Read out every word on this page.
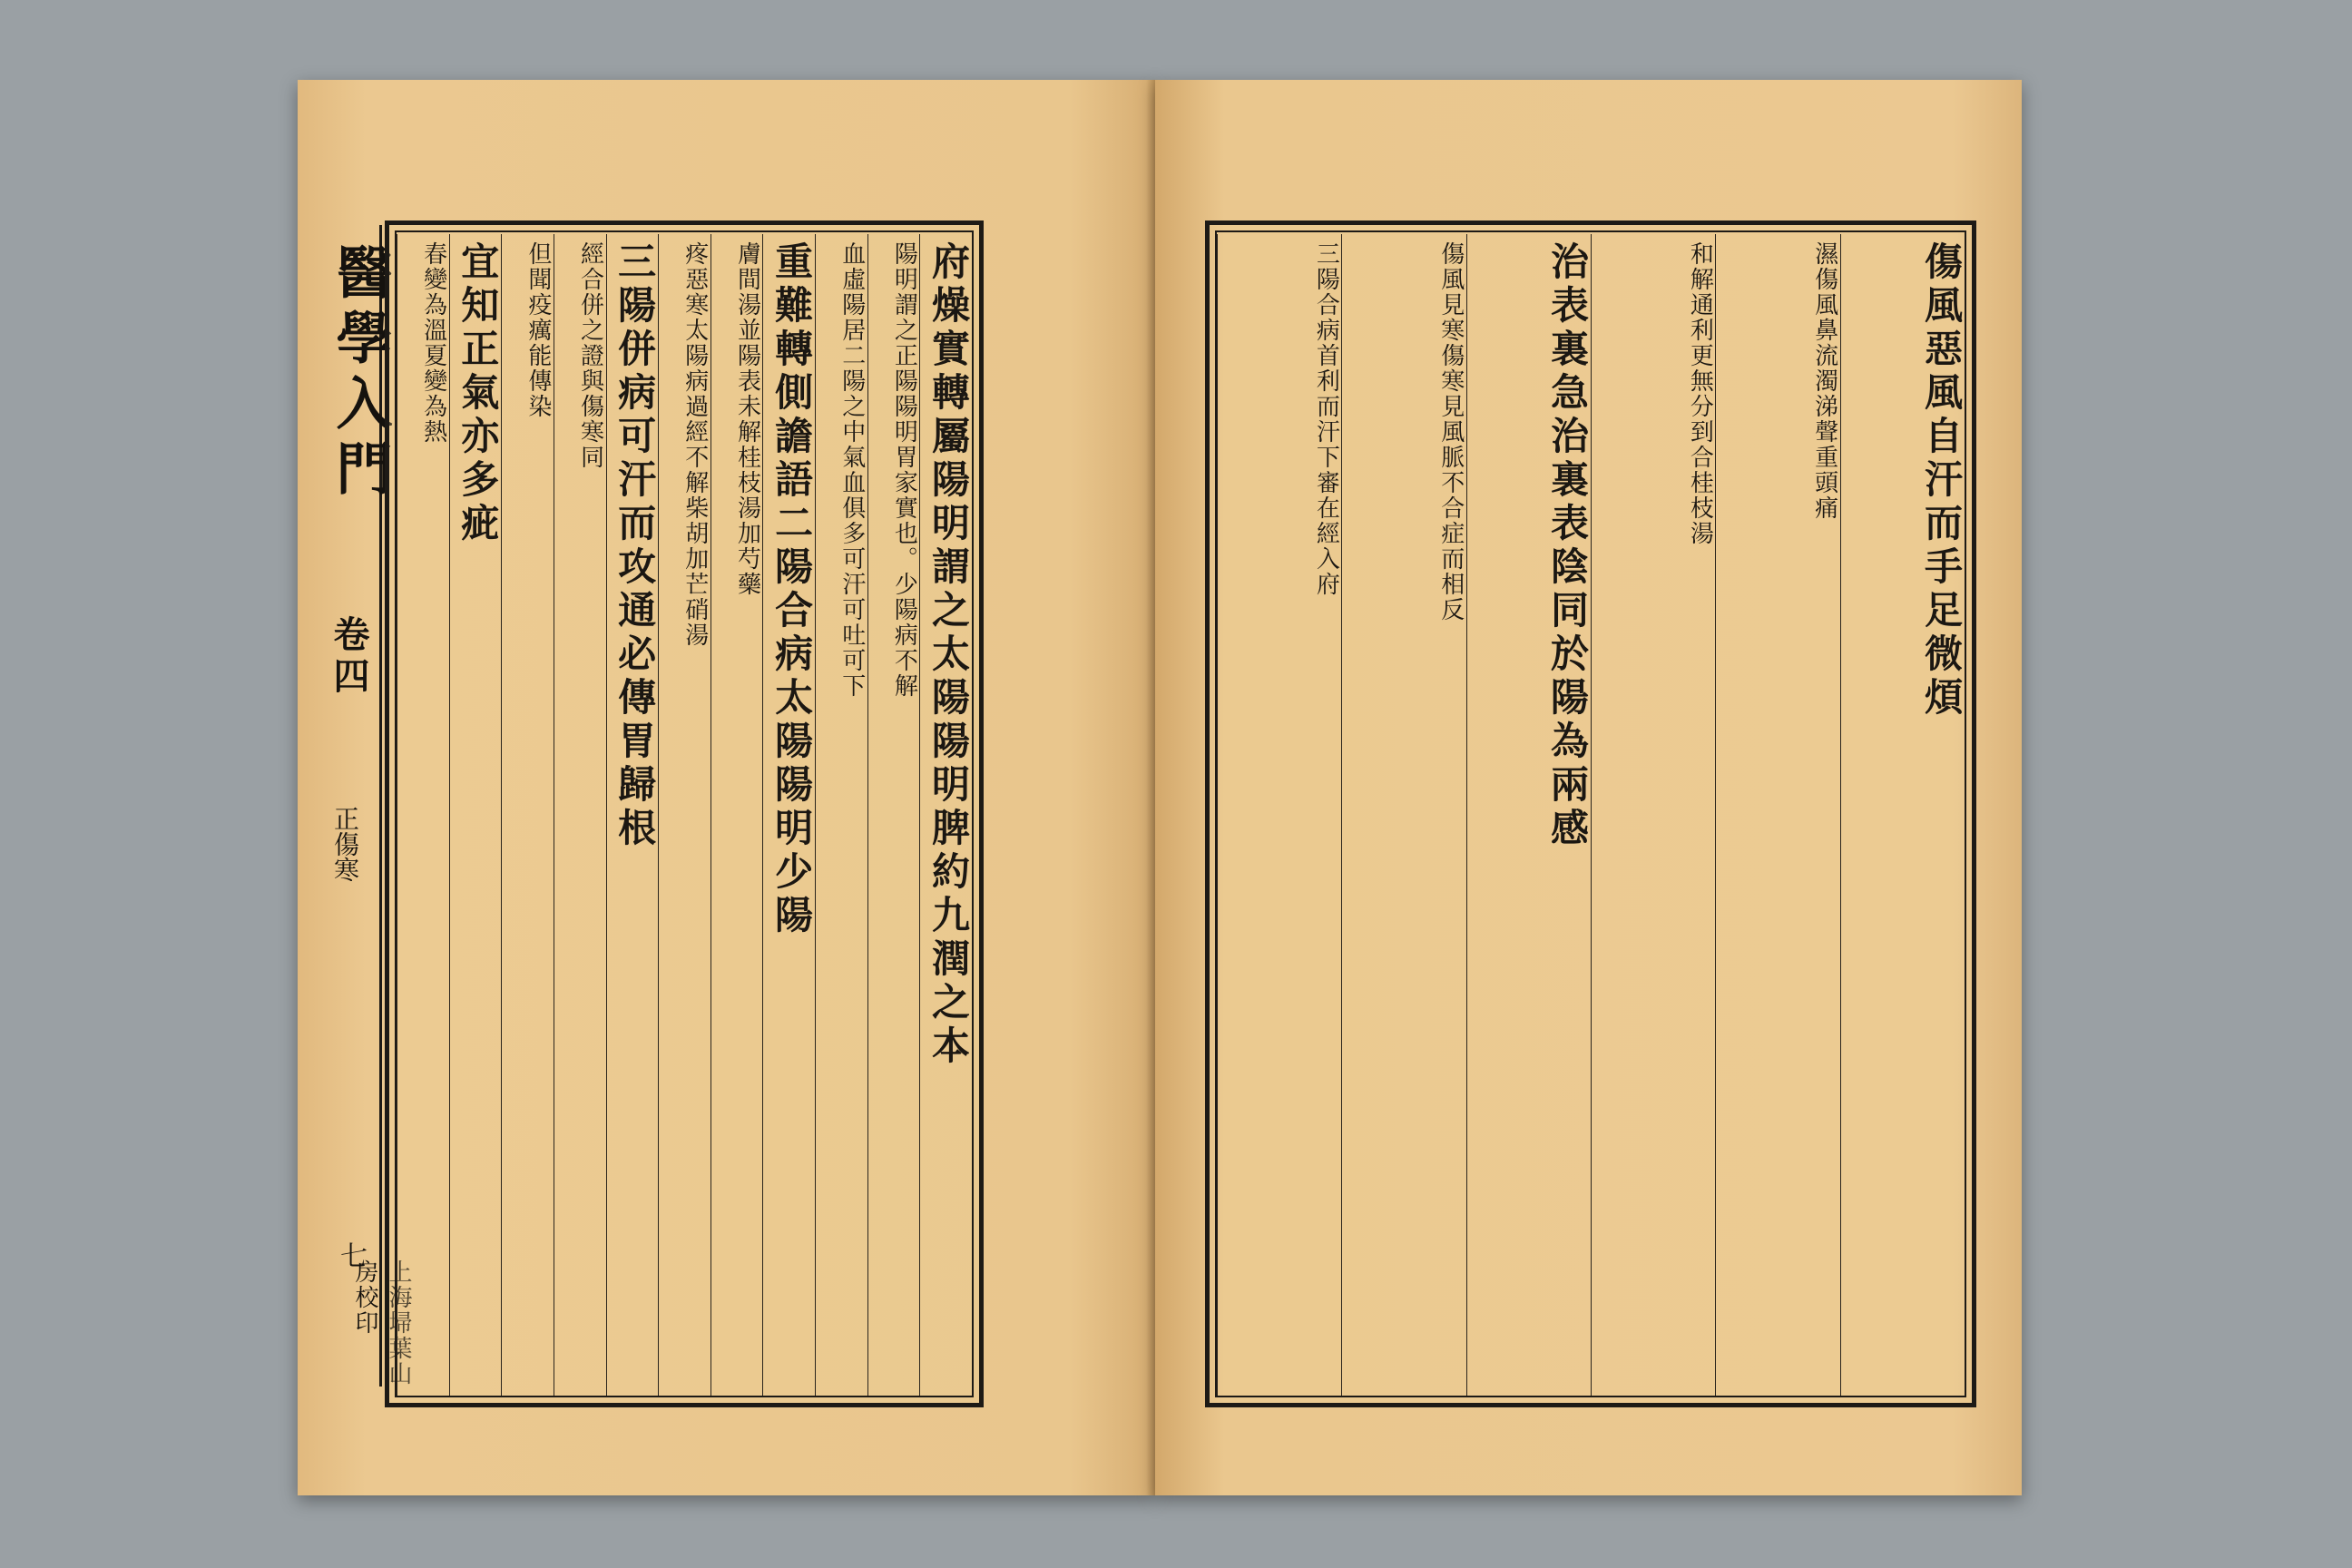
醫學入門
卷四
正傷寒
七
上海埽葉山房校印
府燥實轉屬陽明謂之太陽陽明脾約九潤之本
陽明謂之正陽陽明胃家實也。少陽病不解
血虛陽居二陽之中氣血俱多可汗可吐可下
重難轉側譫語二陽合病太陽陽明少陽
膚間湯並陽表未解桂枝湯加芍藥
疼惡寒太陽病過經不解柴胡加芒硝湯
三陽併病可汗而攻通必傳胃歸根
經合併之證與傷寒同
但聞疫癘能傳染
宜知正氣亦多疵
春變為溫夏變為熱	傷風惡風自汗而手足微煩
濕傷風鼻流濁涕聲重頭痛
和解通利更無分到合桂枝湯
治表裏急治裏表陰同於陽為兩感
傷風見寒傷寒見風脈不合症而相反
三陽合病首利而汗下審在經入府
